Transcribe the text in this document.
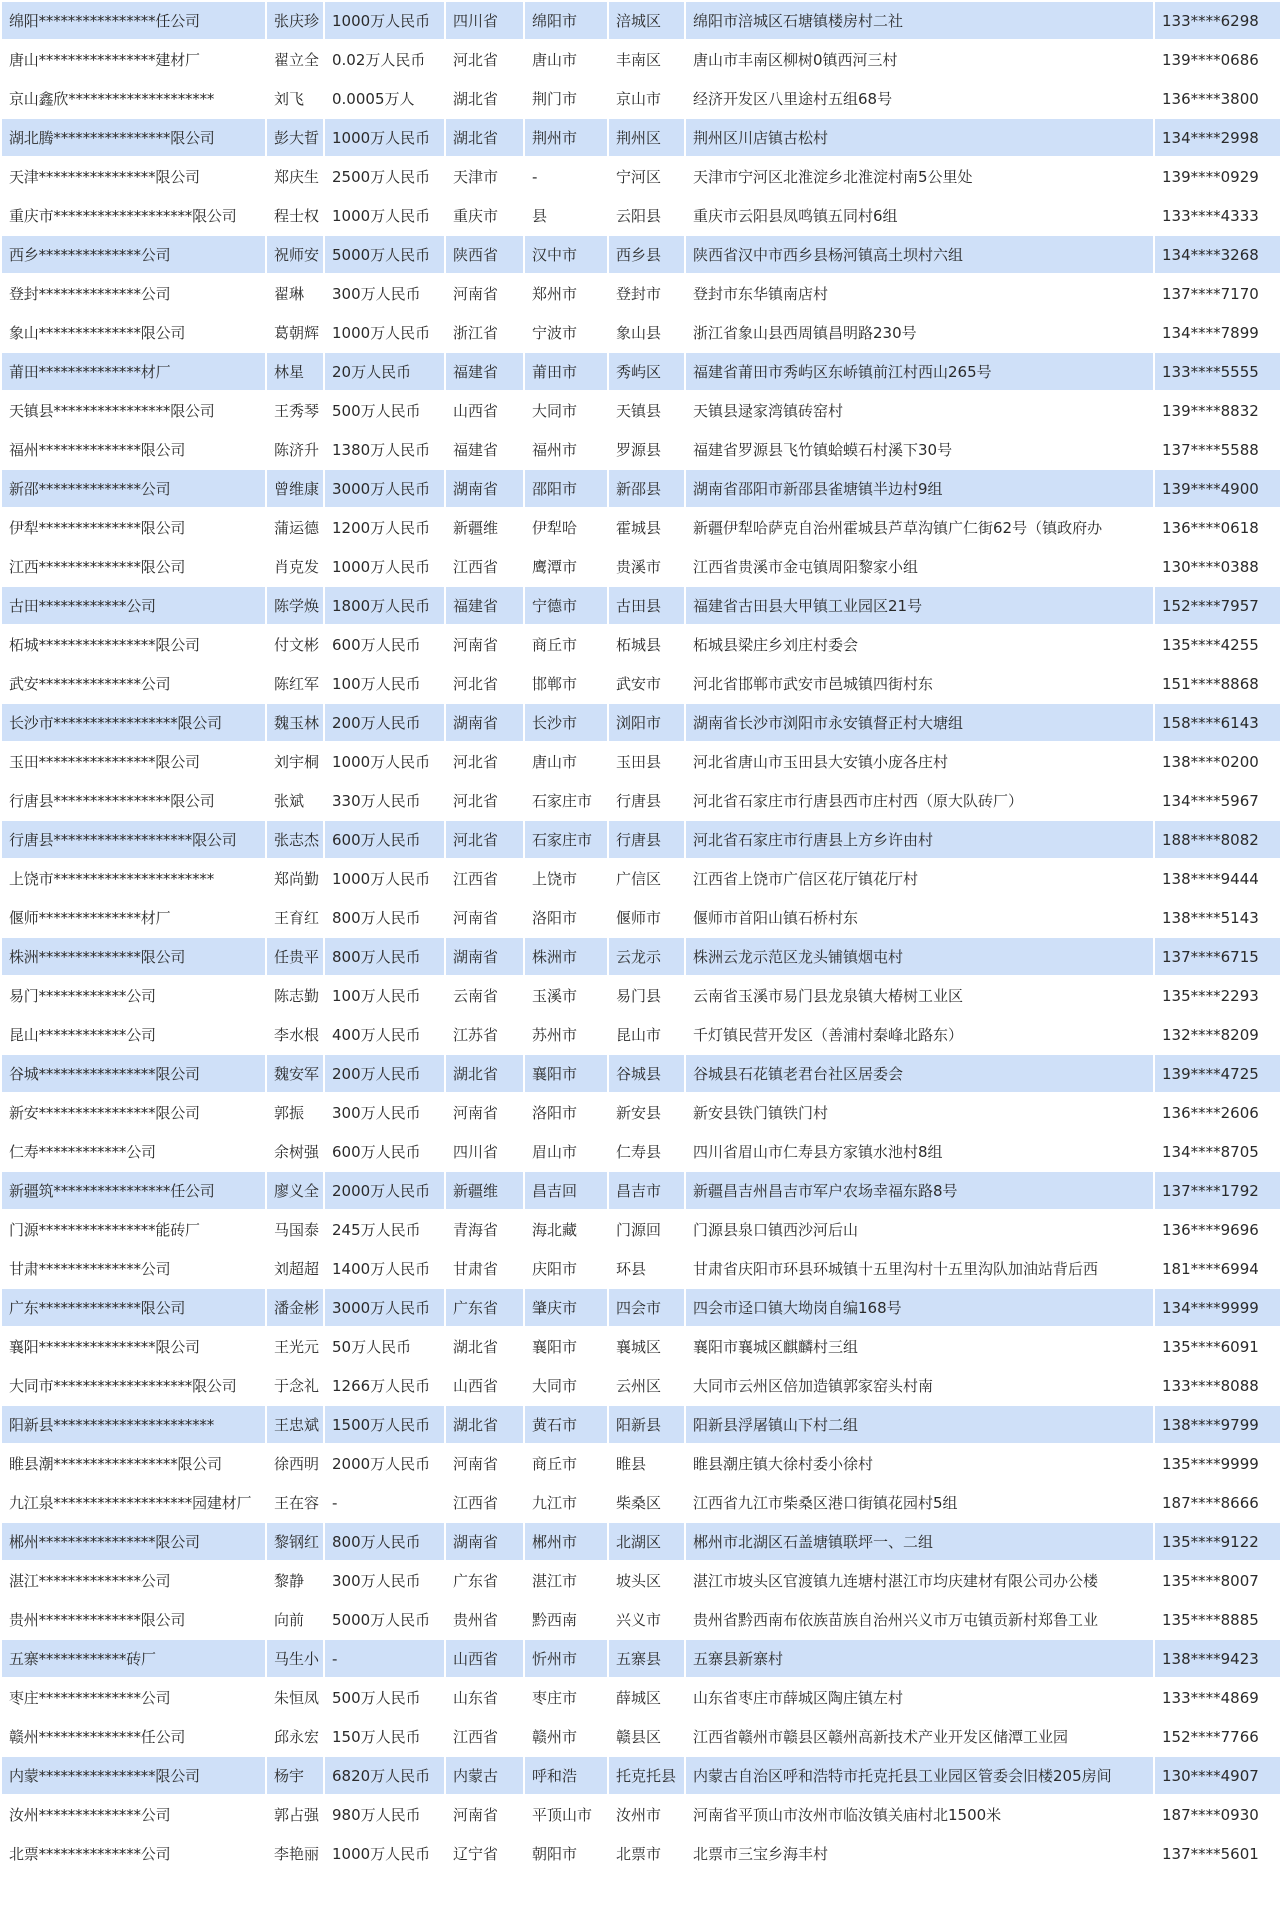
绵阳****************任公司	张庆珍	1000万人民币	四川省	绵阳市	涪城区	绵阳市涪城区石塘镇楼房村二社	133****6298
唐山****************建材厂	翟立全	0.02万人民币	河北省	唐山市	丰南区	唐山市丰南区柳树0镇西河三村	139****0686
京山鑫欣********************	刘飞	0.0005万人	湖北省	荆门市	京山市	经济开发区八里途村五组68号	136****3800
湖北腾****************限公司	彭大晢	1000万人民币	湖北省	荆州市	荆州区	荆州区川店镇古松村	134****2998
天津****************限公司	郑庆生	2500万人民币	天津市	-	宁河区	天津市宁河区北淮淀乡北淮淀村南5公里处	139****0929
重庆市*******************限公司	程士权	1000万人民币	重庆市	县	云阳县	重庆市云阳县凤鸣镇五同村6组	133****4333
西乡**************公司	祝师安	5000万人民币	陕西省	汉中市	西乡县	陕西省汉中市西乡县杨河镇高土坝村六组	134****3268
登封**************公司	翟琳	300万人民币	河南省	郑州市	登封市	登封市东华镇南店村	137****7170
象山**************限公司	葛朝辉	1000万人民币	浙江省	宁波市	象山县	浙江省象山县西周镇昌明路230号	134****7899
莆田**************材厂	林星	20万人民币	福建省	莆田市	秀屿区	福建省莆田市秀屿区东峤镇前江村西山265号	133****5555
天镇县****************限公司	王秀琴	500万人民币	山西省	大同市	天镇县	天镇县逯家湾镇砖窑村	139****8832
福州**************限公司	陈济升	1380万人民币	福建省	福州市	罗源县	福建省罗源县飞竹镇蛤蟆石村溪下30号	137****5588
新邵**************公司	曾维康	3000万人民币	湖南省	邵阳市	新邵县	湖南省邵阳市新邵县雀塘镇半边村9组	139****4900
伊犁**************限公司	蒲运德	1200万人民币	新疆维	伊犁哈	霍城县	新疆伊犁哈萨克自治州霍城县芦草沟镇广仁街62号（镇政府办	136****0618
江西**************限公司	肖克发	1000万人民币	江西省	鹰潭市	贵溪市	江西省贵溪市金屯镇周阳黎家小组	130****0388
古田************公司	陈学焕	1800万人民币	福建省	宁德市	古田县	福建省古田县大甲镇工业园区21号	152****7957
柘城****************限公司	付文彬	600万人民币	河南省	商丘市	柘城县	柘城县梁庄乡刘庄村委会	135****4255
武安**************公司	陈红军	100万人民币	河北省	邯郸市	武安市	河北省邯郸市武安市邑城镇四街村东	151****8868
长沙市*****************限公司	魏玉林	200万人民币	湖南省	长沙市	浏阳市	湖南省长沙市浏阳市永安镇督正村大塘组	158****6143
玉田****************限公司	刘宇桐	1000万人民币	河北省	唐山市	玉田县	河北省唐山市玉田县大安镇小庞各庄村	138****0200
行唐县****************限公司	张斌	330万人民币	河北省	石家庄市	行唐县	河北省石家庄市行唐县西市庄村西（原大队砖厂）	134****5967
行唐县*******************限公司	张志杰	600万人民币	河北省	石家庄市	行唐县	河北省石家庄市行唐县上方乡许由村	188****8082
上饶市**********************	郑尚勤	1000万人民币	江西省	上饶市	广信区	江西省上饶市广信区花厅镇花厅村	138****9444
偃师**************材厂	王育红	800万人民币	河南省	洛阳市	偃师市	偃师市首阳山镇石桥村东	138****5143
株洲**************限公司	任贵平	800万人民币	湖南省	株洲市	云龙示	株洲云龙示范区龙头铺镇烟屯村	137****6715
易门************公司	陈志勤	100万人民币	云南省	玉溪市	易门县	云南省玉溪市易门县龙泉镇大椿树工业区	135****2293
昆山************公司	李水根	400万人民币	江苏省	苏州市	昆山市	千灯镇民营开发区（善浦村秦峰北路东）	132****8209
谷城****************限公司	魏安军	200万人民币	湖北省	襄阳市	谷城县	谷城县石花镇老君台社区居委会	139****4725
新安****************限公司	郭振	300万人民币	河南省	洛阳市	新安县	新安县铁门镇铁门村	136****2606
仁寿************公司	余树强	600万人民币	四川省	眉山市	仁寿县	四川省眉山市仁寿县方家镇水池村8组	134****8705
新疆筑****************任公司	廖义全	2000万人民币	新疆维	昌吉回	昌吉市	新疆昌吉州昌吉市军户农场幸福东路8号	137****1792
门源****************能砖厂	马国泰	245万人民币	青海省	海北藏	门源回	门源县泉口镇西沙河后山	136****9696
甘肃**************公司	刘超超	1400万人民币	甘肃省	庆阳市	环县	甘肃省庆阳市环县环城镇十五里沟村十五里沟队加油站背后西	181****6994
广东**************限公司	潘金彬	3000万人民币	广东省	肇庆市	四会市	四会市迳口镇大坳岗自编168号	134****9999
襄阳****************限公司	王光元	50万人民币	湖北省	襄阳市	襄城区	襄阳市襄城区麒麟村三组	135****6091
大同市*******************限公司	于念礼	1266万人民币	山西省	大同市	云州区	大同市云州区倍加造镇郭家窑头村南	133****8088
阳新县**********************	王忠斌	1500万人民币	湖北省	黄石市	阳新县	阳新县浮屠镇山下村二组	138****9799
睢县潮*****************限公司	徐西明	2000万人民币	河南省	商丘市	睢县	睢县潮庄镇大徐村委小徐村	135****9999
九江泉*******************园建材厂	王在容	-	江西省	九江市	柴桑区	江西省九江市柴桑区港口街镇花园村5组	187****8666
郴州****************限公司	黎钢红	800万人民币	湖南省	郴州市	北湖区	郴州市北湖区石盖塘镇联坪一、二组	135****9122
湛江**************公司	黎静	300万人民币	广东省	湛江市	坡头区	湛江市坡头区官渡镇九连塘村湛江市均庆建材有限公司办公楼	135****8007
贵州**************限公司	向前	5000万人民币	贵州省	黔西南	兴义市	贵州省黔西南布依族苗族自治州兴义市万屯镇贡新村郑鲁工业	135****8885
五寨************砖厂	马生小	-	山西省	忻州市	五寨县	五寨县新寨村	138****9423
枣庄**************公司	朱恒凤	500万人民币	山东省	枣庄市	薛城区	山东省枣庄市薛城区陶庄镇左村	133****4869
赣州**************任公司	邱永宏	150万人民币	江西省	赣州市	赣县区	江西省赣州市赣县区赣州高新技术产业开发区储潭工业园	152****7766
内蒙****************限公司	杨宇	6820万人民币	内蒙古	呼和浩	托克托县	内蒙古自治区呼和浩特市托克托县工业园区管委会旧楼205房间	130****4907
汝州**************公司	郭占强	980万人民币	河南省	平顶山市	汝州市	河南省平顶山市汝州市临汝镇关庙村北1500米	187****0930
北票**************公司	李艳丽	1000万人民币	辽宁省	朝阳市	北票市	北票市三宝乡海丰村	137****5601
